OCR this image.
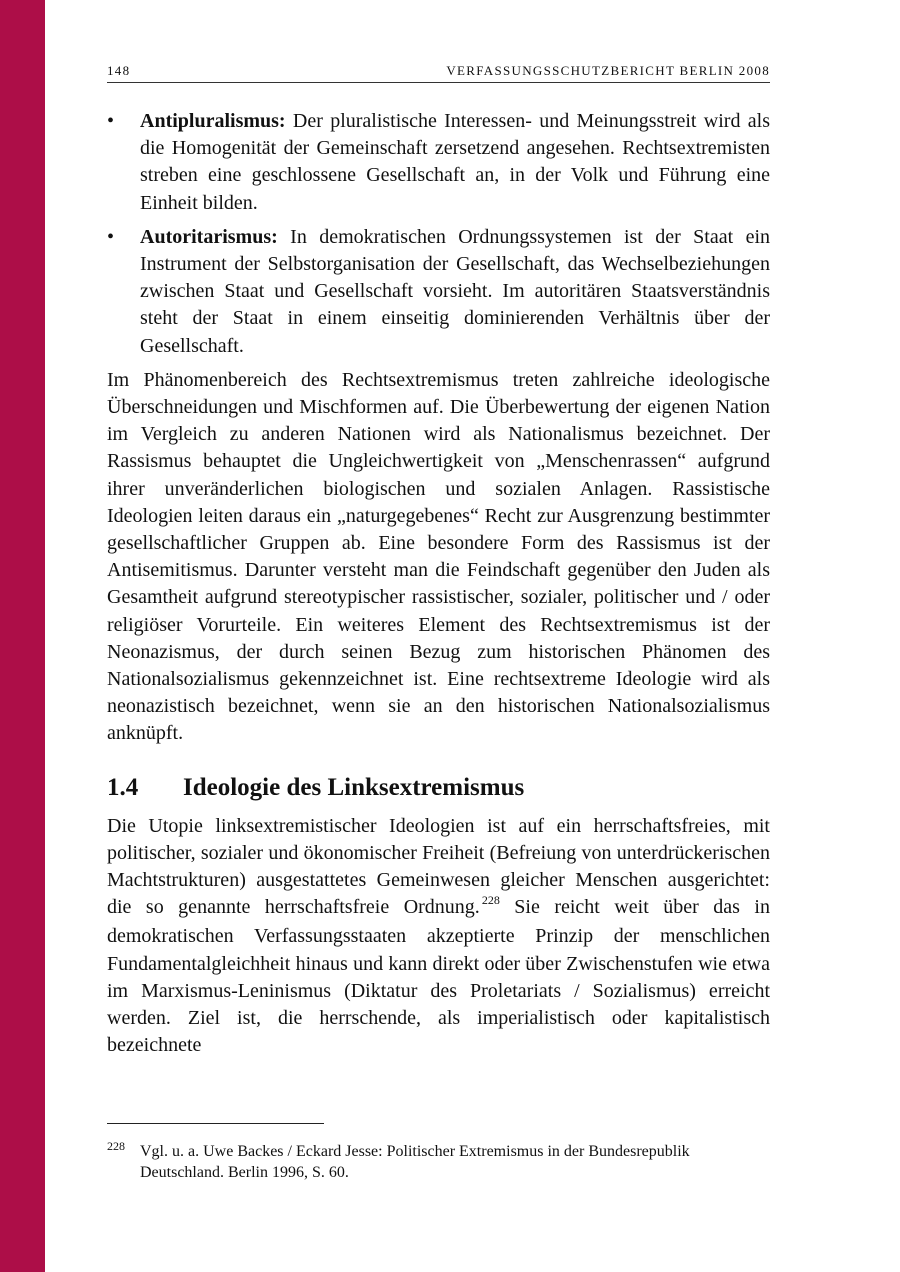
148	VERFASSUNGSSCHUTZBERICHT BERLIN 2008
• Antipluralismus: Der pluralistische Interessen- und Meinungsstreit wird als die Homogenität der Gemeinschaft zersetzend angesehen. Rechtsextremisten streben eine geschlossene Gesellschaft an, in der Volk und Führung eine Einheit bilden.
• Autoritarismus: In demokratischen Ordnungssystemen ist der Staat ein Instrument der Selbstorganisation der Gesellschaft, das Wechselbeziehungen zwischen Staat und Gesellschaft vorsieht. Im autoritären Staatsverständnis steht der Staat in einem einseitig dominierenden Verhältnis über der Gesellschaft.

Im Phänomenbereich des Rechtsextremismus treten zahlreiche ideologische Überschneidungen und Mischformen auf. Die Überbewertung der eigenen Nation im Vergleich zu anderen Nationen wird als Nationalismus bezeichnet. Der Rassismus behauptet die Ungleichwertigkeit von „Menschenrassen“ aufgrund ihrer unveränderlichen biologischen und sozialen Anlagen. Rassistische Ideologien leiten daraus ein „naturgegebenes“ Recht zur Ausgrenzung bestimmter gesellschaftlicher Gruppen ab. Eine besondere Form des Rassismus ist der Antisemitismus. Darunter versteht man die Feindschaft gegenüber den Juden als Gesamtheit aufgrund stereotypischer rassistischer, sozialer, politischer und / oder religiöser Vorurteile. Ein weiteres Element des Rechtsextremismus ist der Neonazismus, der durch seinen Bezug zum historischen Phänomen des Nationalsozialismus gekennzeichnet ist. Eine rechtsextreme Ideologie wird als neonazistisch bezeichnet, wenn sie an den historischen Nationalsozialismus anknüpft.

1.4 Ideologie des Linksextremismus

Die Utopie linksextremistischer Ideologien ist auf ein herrschaftsfreies, mit politischer, sozialer und ökonomischer Freiheit (Befreiung von unterdrückerischen Machtstrukturen) ausgestattetes Gemeinwesen gleicher Menschen ausgerichtet: die so genannte herrschaftsfreie Ordnung. $^{228}$ Sie reicht weit über das in demokratischen Verfassungsstaaten akzeptierte Prinzip der menschlichen Fundamentalgleichheit hinaus und kann direkt oder über Zwischenstufen wie etwa im Marxismus-Leninismus (Diktatur des Proletariats / Sozialismus) erreicht werden. Ziel ist, die herrschende, als imperialistisch oder kapitalistisch bezeichnete

228 Vgl. u. a. Uwe Backes / Eckard Jesse: Politischer Extremismus in der Bundesrepublik Deutschland. Berlin 1996, S. 60.
